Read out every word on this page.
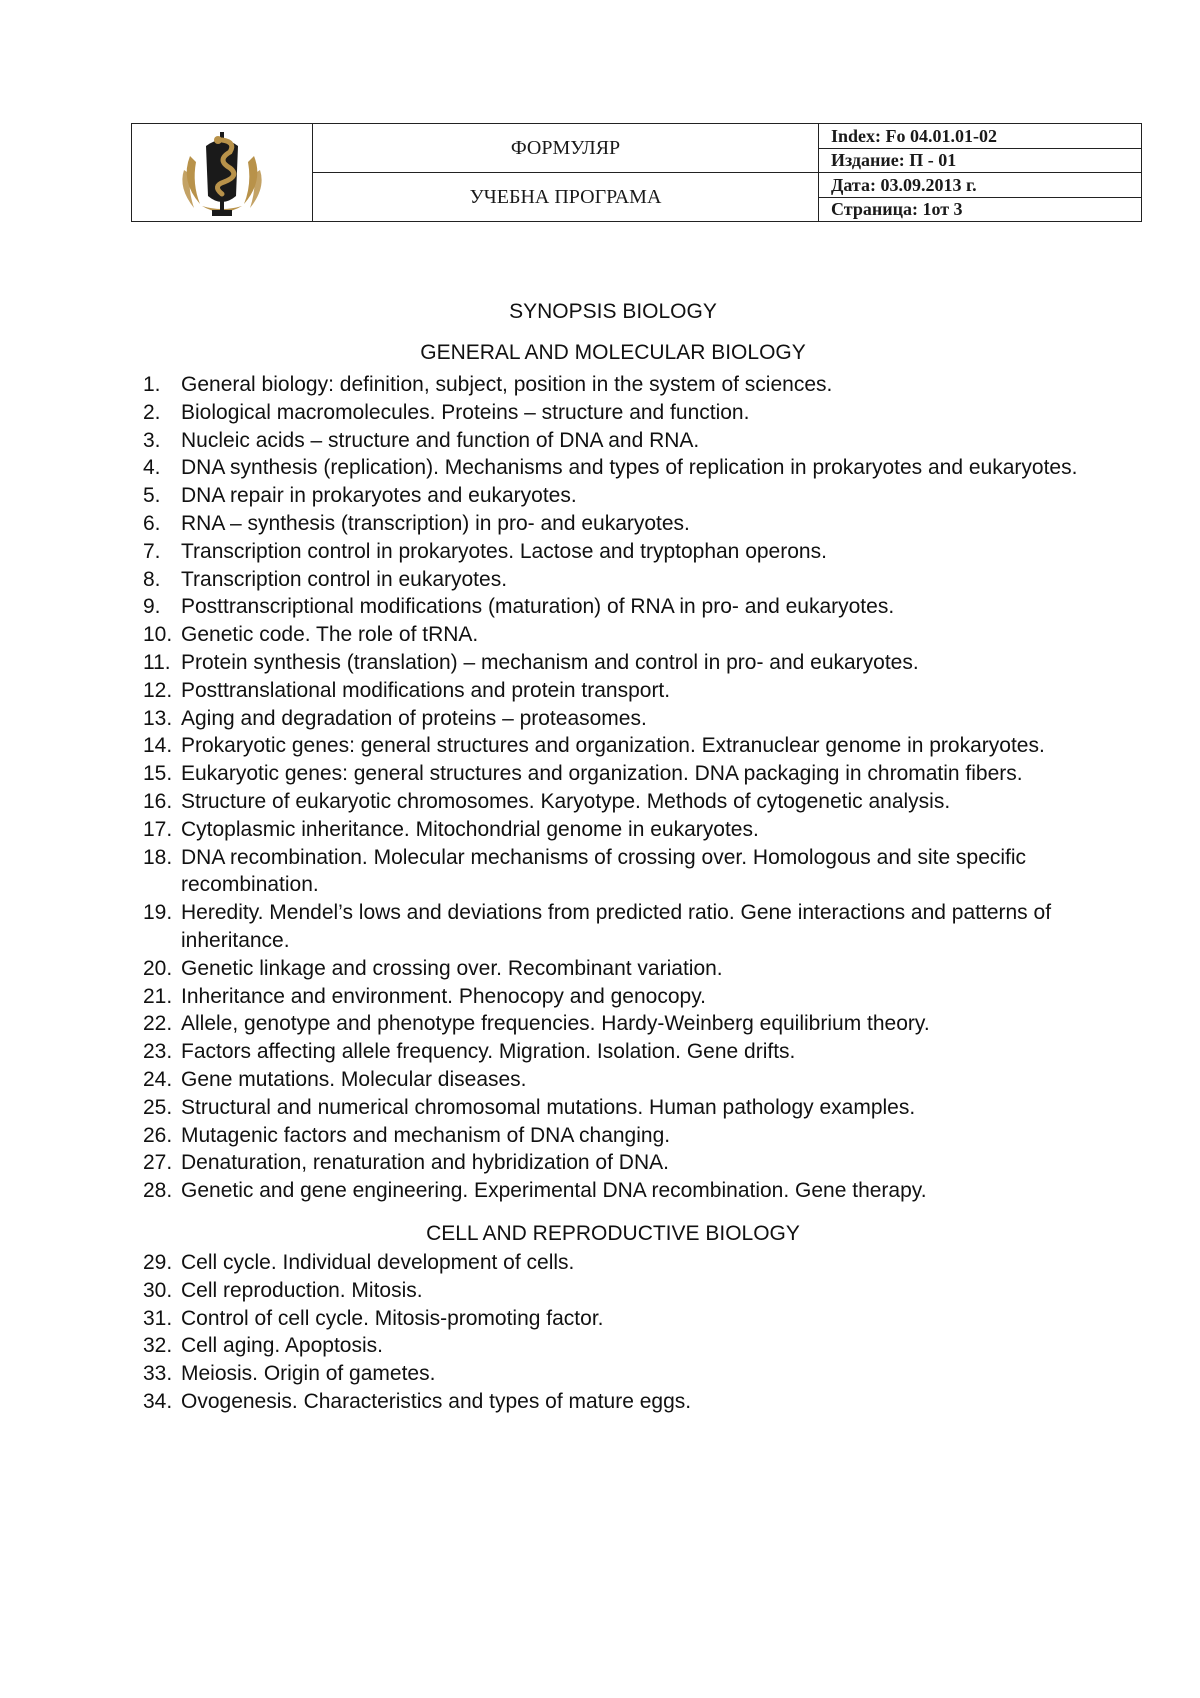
	ФОРМУЛЯР	Index: Fo 04.01.01-02
		Издание: П - 01
	УЧЕБНА ПРОГРАМА	Дата: 03.09.2013 г.
		Страница: 1от 3
SYNOPSIS BIOLOGY
GENERAL AND MOLECULAR BIOLOGY
1. General biology: definition, subject, position in the system of sciences.
2. Biological macromolecules. Proteins – structure and function.
3. Nucleic acids – structure and function of DNA and RNA.
4. DNA synthesis (replication). Mechanisms and types of replication in prokaryotes and eukaryotes.
5. DNA repair in prokaryotes and eukaryotes.
6. RNA – synthesis (transcription) in pro- and eukaryotes.
7. Transcription control in prokaryotes. Lactose and tryptophan operons.
8. Transcription control in eukaryotes.
9. Posttranscriptional modifications (maturation) of RNA in pro- and eukaryotes.
10. Genetic code. The role of tRNA.
11. Protein synthesis (translation) – mechanism and control in pro- and eukaryotes.
12. Posttranslational modifications and protein transport.
13. Aging and degradation of proteins – proteasomes.
14. Prokaryotic genes: general structures and organization. Extranuclear genome in prokaryotes.
15. Eukaryotic genes: general structures and organization. DNA packaging in chromatin fibers.
16. Structure of eukaryotic chromosomes. Karyotype. Methods of cytogenetic analysis.
17. Cytoplasmic inheritance. Mitochondrial genome in eukaryotes.
18. DNA recombination. Molecular mechanisms of crossing over. Homologous and site specific recombination.
19. Heredity. Mendel’s lows and deviations from predicted ratio. Gene interactions and patterns of inheritance.
20. Genetic linkage and crossing over. Recombinant variation.
21. Inheritance and environment. Phenocopy and genocopy.
22. Allele, genotype and phenotype frequencies. Hardy-Weinberg equilibrium theory.
23. Factors affecting allele frequency. Migration. Isolation. Gene drifts.
24. Gene mutations. Molecular diseases.
25. Structural and numerical chromosomal mutations. Human pathology examples.
26. Mutagenic factors and mechanism of DNA changing.
27. Denaturation, renaturation and hybridization of DNA.
28. Genetic and gene engineering. Experimental DNA recombination. Gene therapy.
CELL AND REPRODUCTIVE BIOLOGY
29. Cell cycle. Individual development of cells.
30. Cell reproduction. Mitosis.
31. Control of cell cycle. Mitosis-promoting factor.
32. Cell aging. Apoptosis.
33. Meiosis. Origin of gametes.
34. Ovogenesis. Characteristics and types of mature eggs.
